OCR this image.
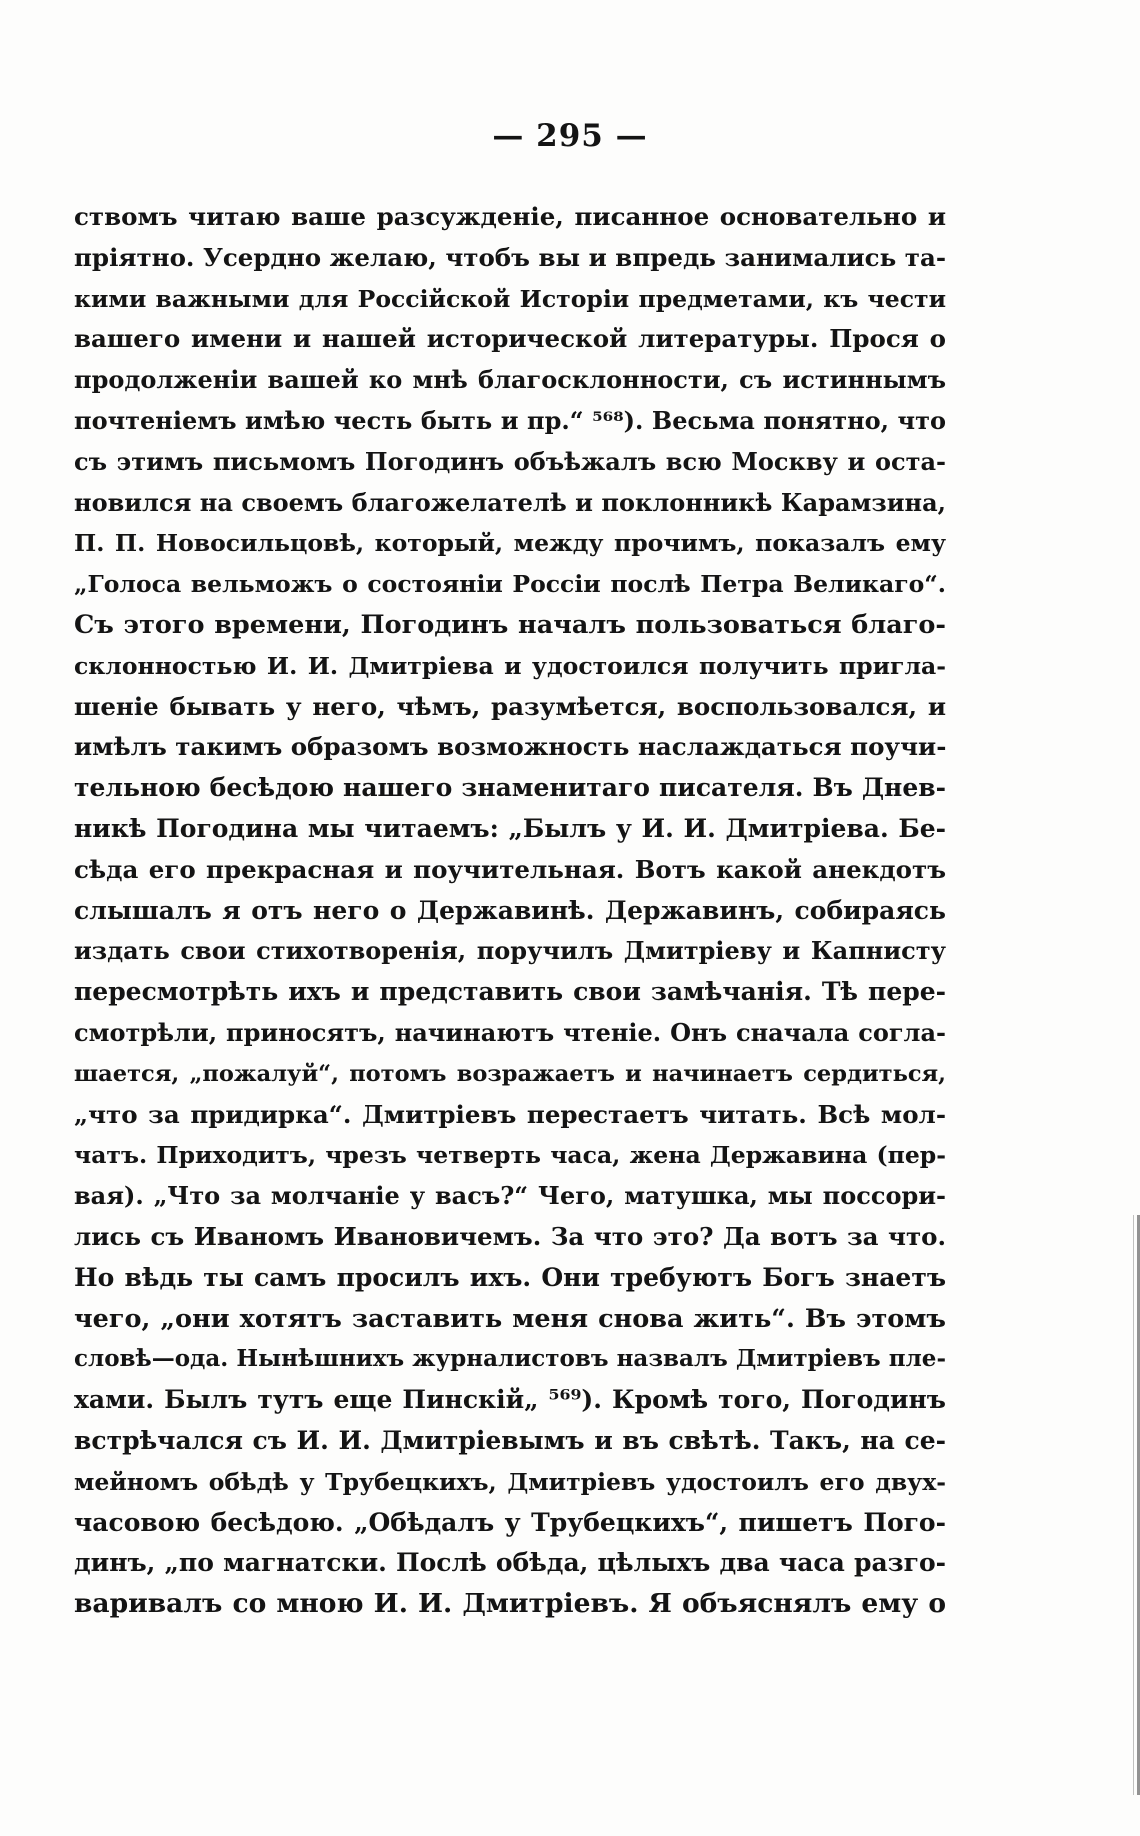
— 295 —
ствомъ читаю ваше разсужденіе, писанное основательно и
пріятно. Усердно желаю, чтобъ вы и впредь занимались та-
кими важными для Россійской Исторіи предметами, къ чести
вашего имени и нашей исторической литературы. Прося о
продолженіи вашей ко мнѣ благосклонности, съ истиннымъ
почтеніемъ имѣю честь быть и пр.“ ⁵⁶⁸). Весьма понятно, что
съ этимъ письмомъ Погодинъ объѣжалъ всю Москву и оста-
новился на своемъ благожелателѣ и поклонникѣ Карамзина,
П. П. Новосильцовѣ, который, между прочимъ, показалъ ему
„Голоса вельможъ о состояніи Россіи послѣ Петра Великаго“.
Съ этого времени, Погодинъ началъ пользоваться благо-
склонностью И. И. Дмитріева и удостоился получить пригла-
шеніе бывать у него, чѣмъ, разумѣется, воспользовался, и
имѣлъ такимъ образомъ возможность наслаждаться поучи-
тельною бесѣдою нашего знаменитаго писателя. Въ Днев-
никѣ Погодина мы читаемъ: „Былъ у И. И. Дмитріева. Бе-
сѣда его прекрасная и поучительная. Вотъ какой анекдотъ
слышалъ я отъ него о Державинѣ. Державинъ, собираясь
издать свои стихотворенія, поручилъ Дмитріеву и Капнисту
пересмотрѣть ихъ и представить свои замѣчанія. Тѣ пере-
смотрѣли, приносятъ, начинаютъ чтеніе. Онъ сначала согла-
шается, „пожалуй“, потомъ возражаетъ и начинаетъ сердиться,
„что за придирка“. Дмитріевъ перестаетъ читать. Всѣ мол-
чатъ. Приходитъ, чрезъ четверть часа, жена Державина (пер-
вая). „Что за молчаніе у васъ?“ Чего, матушка, мы поссори-
лись съ Иваномъ Ивановичемъ. За что это? Да вотъ за что.
Но вѣдь ты самъ просилъ ихъ. Они требуютъ Богъ знаетъ
чего, „они хотятъ заставить меня снова жить“. Въ этомъ
словѣ—ода. Нынѣшнихъ журналистовъ назвалъ Дмитріевъ пле-
хами. Былъ тутъ еще Пинскій„ ⁵⁶⁹). Кромѣ того, Погодинъ
встрѣчался съ И. И. Дмитріевымъ и въ свѣтѣ. Такъ, на се-
мейномъ обѣдѣ у Трубецкихъ, Дмитріевъ удостоилъ его двух-
часовою бесѣдою. „Обѣдалъ у Трубецкихъ“, пишетъ Пого-
динъ, „по магнатски. Послѣ обѣда, цѣлыхъ два часа разго-
варивалъ со мною И. И. Дмитріевъ. Я объяснялъ ему о
